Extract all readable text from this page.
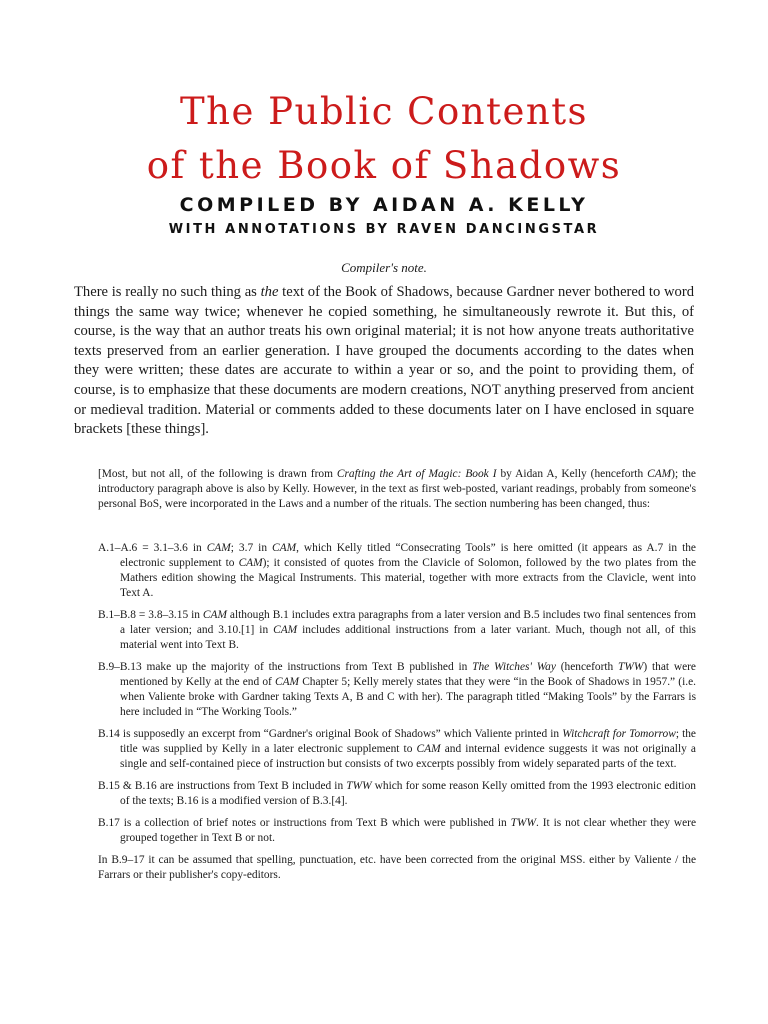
The Public Contents
of the Book of Shadows
COMPILED BY AIDAN A. KELLY
WITH ANNOTATIONS BY RAVEN DANCINGSTAR
Compiler's note.

There is really no such thing as the text of the Book of Shadows, because Gardner never bothered to word things the same way twice; whenever he copied something, he simultaneously rewrote it. But this, of course, is the way that an author treats his own original material; it is not how anyone treats authoritative texts preserved from an earlier generation. I have grouped the documents according to the dates when they were written; these dates are accurate to within a year or so, and the point to providing them, of course, is to emphasize that these documents are modern creations, NOT anything preserved from ancient or medieval tradition. Material or comments added to these documents later on I have enclosed in square brackets [these things].

[Most, but not all, of the following is drawn from Crafting the Art of Magic: Book I by Aidan A, Kelly (henceforth CAM); the introductory paragraph above is also by Kelly. However, in the text as first web-posted, variant readings, probably from someone's personal BoS, were incorporated in the Laws and a number of the rituals. The section numbering has been changed, thus:

A.1–A.6 = 3.1–3.6 in CAM; 3.7 in CAM, which Kelly titled “Consecrating Tools” is here omitted (it appears as A.7 in the electronic supplement to CAM); it consisted of quotes from the Clavicle of Solomon, followed by the two plates from the Mathers edition showing the Magical Instruments. This material, together with more extracts from the Clavicle, went into Text A.

B.1–B.8 = 3.8–3.15 in CAM although B.1 includes extra paragraphs from a later version and B.5 includes two final sentences from a later version; and 3.10.[1] in CAM includes additional instructions from a later variant. Much, though not all, of this material went into Text B.

B.9–B.13 make up the majority of the instructions from Text B published in The Witches' Way (henceforth TWW) that were mentioned by Kelly at the end of CAM Chapter 5; Kelly merely states that they were “in the Book of Shadows in 1957.” (i.e. when Valiente broke with Gardner taking Texts A, B and C with her). The paragraph titled “Making Tools” by the Farrars is here included in “The Working Tools.”

B.14 is supposedly an excerpt from “Gardner's original Book of Shadows” which Valiente printed in Witchcraft for Tomorrow; the title was supplied by Kelly in a later electronic supplement to CAM and internal evidence suggests it was not originally a single and self-contained piece of instruction but consists of two excerpts possibly from widely separated parts of the text.

B.15 & B.16 are instructions from Text B included in TWW which for some reason Kelly omitted from the 1993 electronic edition of the texts; B.16 is a modified version of B.3.[4].

B.17 is a collection of brief notes or instructions from Text B which were published in TWW. It is not clear whether they were grouped together in Text B or not.

In B.9–17 it can be assumed that spelling, punctuation, etc. have been corrected from the original MSS. either by Valiente / the Farrars or their publisher's copy-editors.
